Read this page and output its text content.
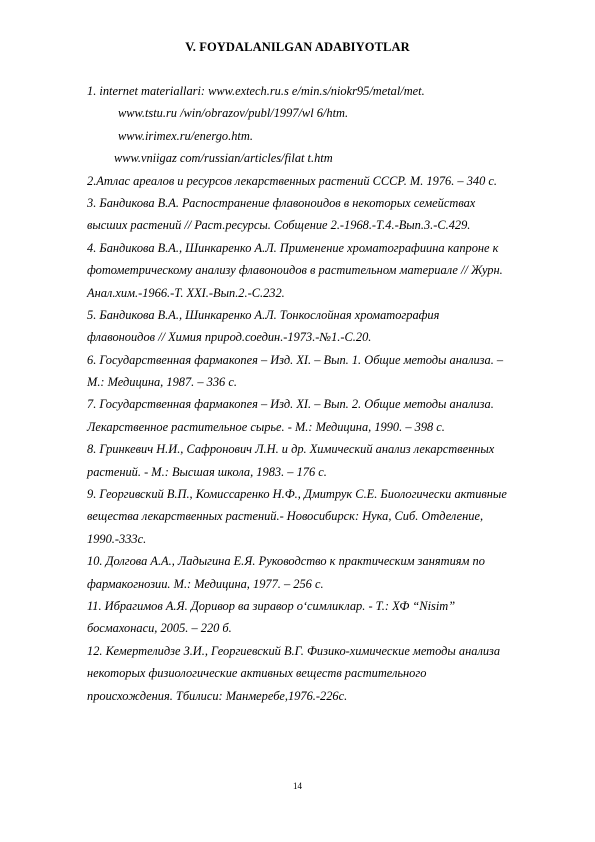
V. FOYDALANILGAN ADABIYOTLAR
1. internet materiallari: www.extech.ru.s e/min.s/niokr95/metal/met.
www.tstu.ru /win/obrazov/publ/1997/wl 6/htm.
www.irimex.ru/energo.htm.
www.vniigaz com/russian/articles/filat t.htm
2.Атлас ареалов и ресурсов лекарственных растений СССР. М. 1976. – 340 с.
3. Бандикова В.А. Распостранение флавоноидов в некоторых семействах
высших растений // Раст.ресурсы. Собщение 2.-1968.-Т.4.-Вып.3.-С.429.
4. Бандикова В.А., Шинкаренко А.Л. Применение хроматографиина капроне к
фотометрическому анализу флавоноидов в растительном материале // Журн.
Анал.хим.-1966.-Т. XXI.-Вып.2.-С.232.
5. Бандикова В.А., Шинкаренко А.Л. Тонкослойная хроматография
флавоноидов // Химия природ.соедин.-1973.-№1.-С.20.
6. Государственная фармакопея – Изд. XI. – Вып. 1. Общие методы анализа. –
М.: Медицина, 1987. – 336 с.
7. Государственная фармакопея – Изд. XI. – Вып. 2. Общие методы анализа.
Лекарственное растительное сырье. - М.: Медицина, 1990. – 398 с.
8. Гринкевич Н.И., Сафронович Л.Н. и др. Химический анализ лекарственных
растений. - М.: Высшая школа, 1983. – 176 с.
9. Георгивский В.П., Комиссаренко Н.Ф., Дмитрук С.Е. Биологически активные
вещества лекарственных растений.- Новосибирск: Нука, Сиб. Отделение,
1990.-333с.
10. Долгова А.А., Ладыгина Е.Я. Руководство к практическим занятиям по
фармакогнозии. М.: Медицина, 1977. – 256 с.
11. Ибрагимов А.Я. Доривор ва зиравор о‘симликлар. - Т.: ХФ “Nisim”
босмахонаси, 2005. – 220 б.
12. Кемертелидзе З.И., Георгиевский В.Г. Физико-химические методы анализа
некоторых физиологические активных веществ растительного
происхождения. Тбилиси: Манмеребе,1976.-226с.
14
